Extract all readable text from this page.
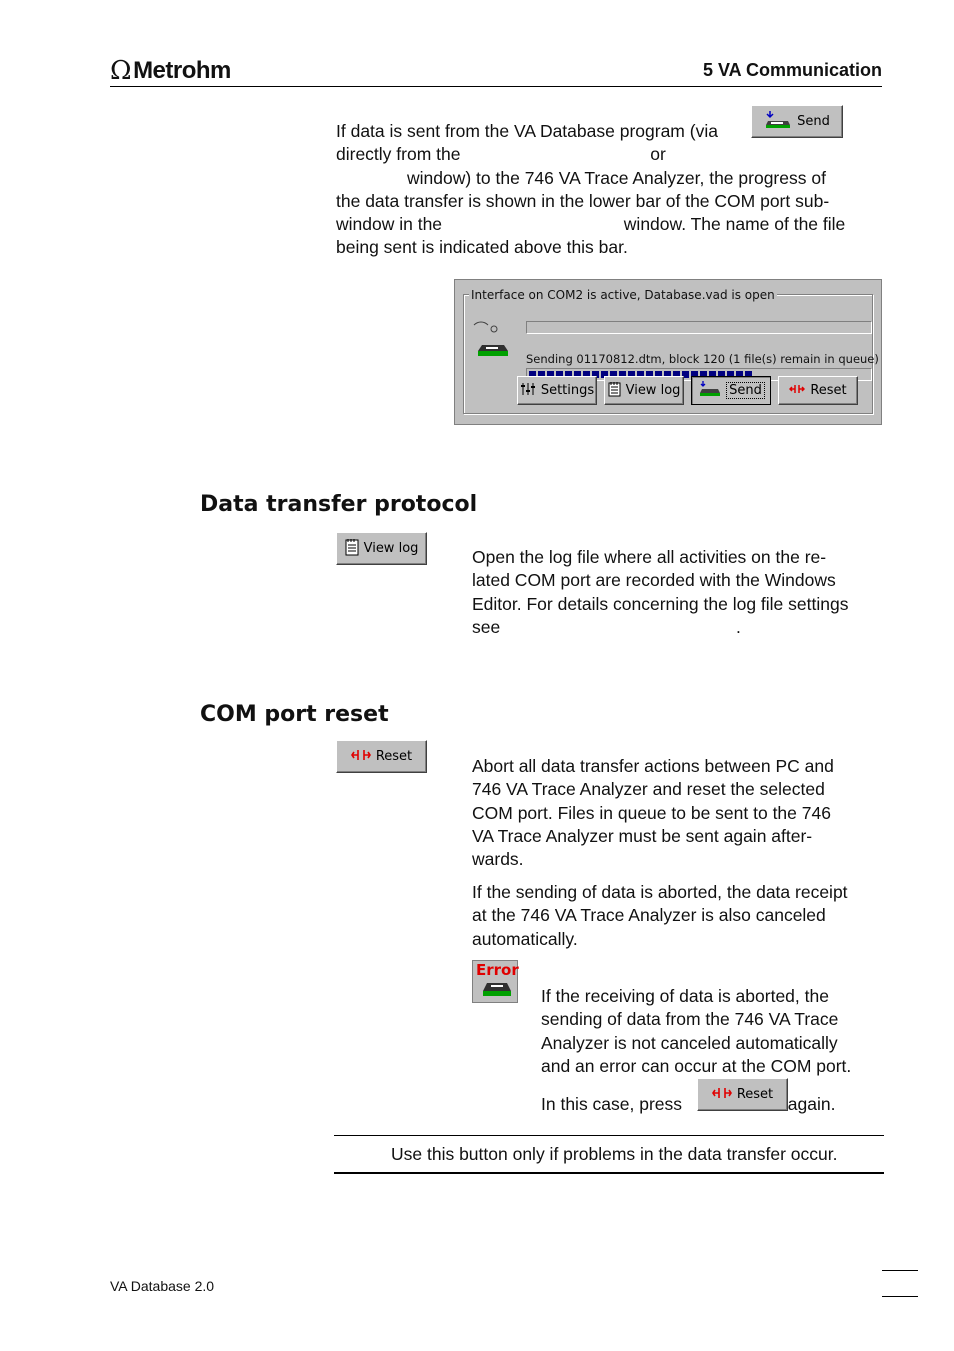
Ω Metrohm	5 VA Communication
If data is sent from the VA Database program (via
directly from the	or
window) to the 746 VA Trace Analyzer, the progress of
the data transfer is shown in the lower bar of the COM port sub-
window in the	window. The name of the file
being sent is indicated above this bar.
Send
Sending 01170812.dtm, block 120 (1 file(s) remain in queue)
Settings View log	Send	Reset
Interface on COM2 is active, Database.vad is open
Data transfer protocol
View log	Open the log file where all activities on the re-
lated COM port are recorded with the Windows
Editor. For details concerning the log file settings
see	.
COM port reset
Reset	Abort all data transfer actions between PC and
746 VA Trace Analyzer and reset the selected
COM port. Files in queue to be sent to the 746
VA Trace Analyzer must be sent again after-
wards.
If the sending of data is aborted, the data receipt
at the 746 VA Trace Analyzer is also canceled
automatically.
Error
If the receiving of data is aborted, the
sending of data from the 746 VA Trace
Analyzer is not canceled automatically
and an error can occur at the COM port.
In this case, press	again.
Reset
Use this button only if problems in the data transfer occur.
VA Database 2.0
